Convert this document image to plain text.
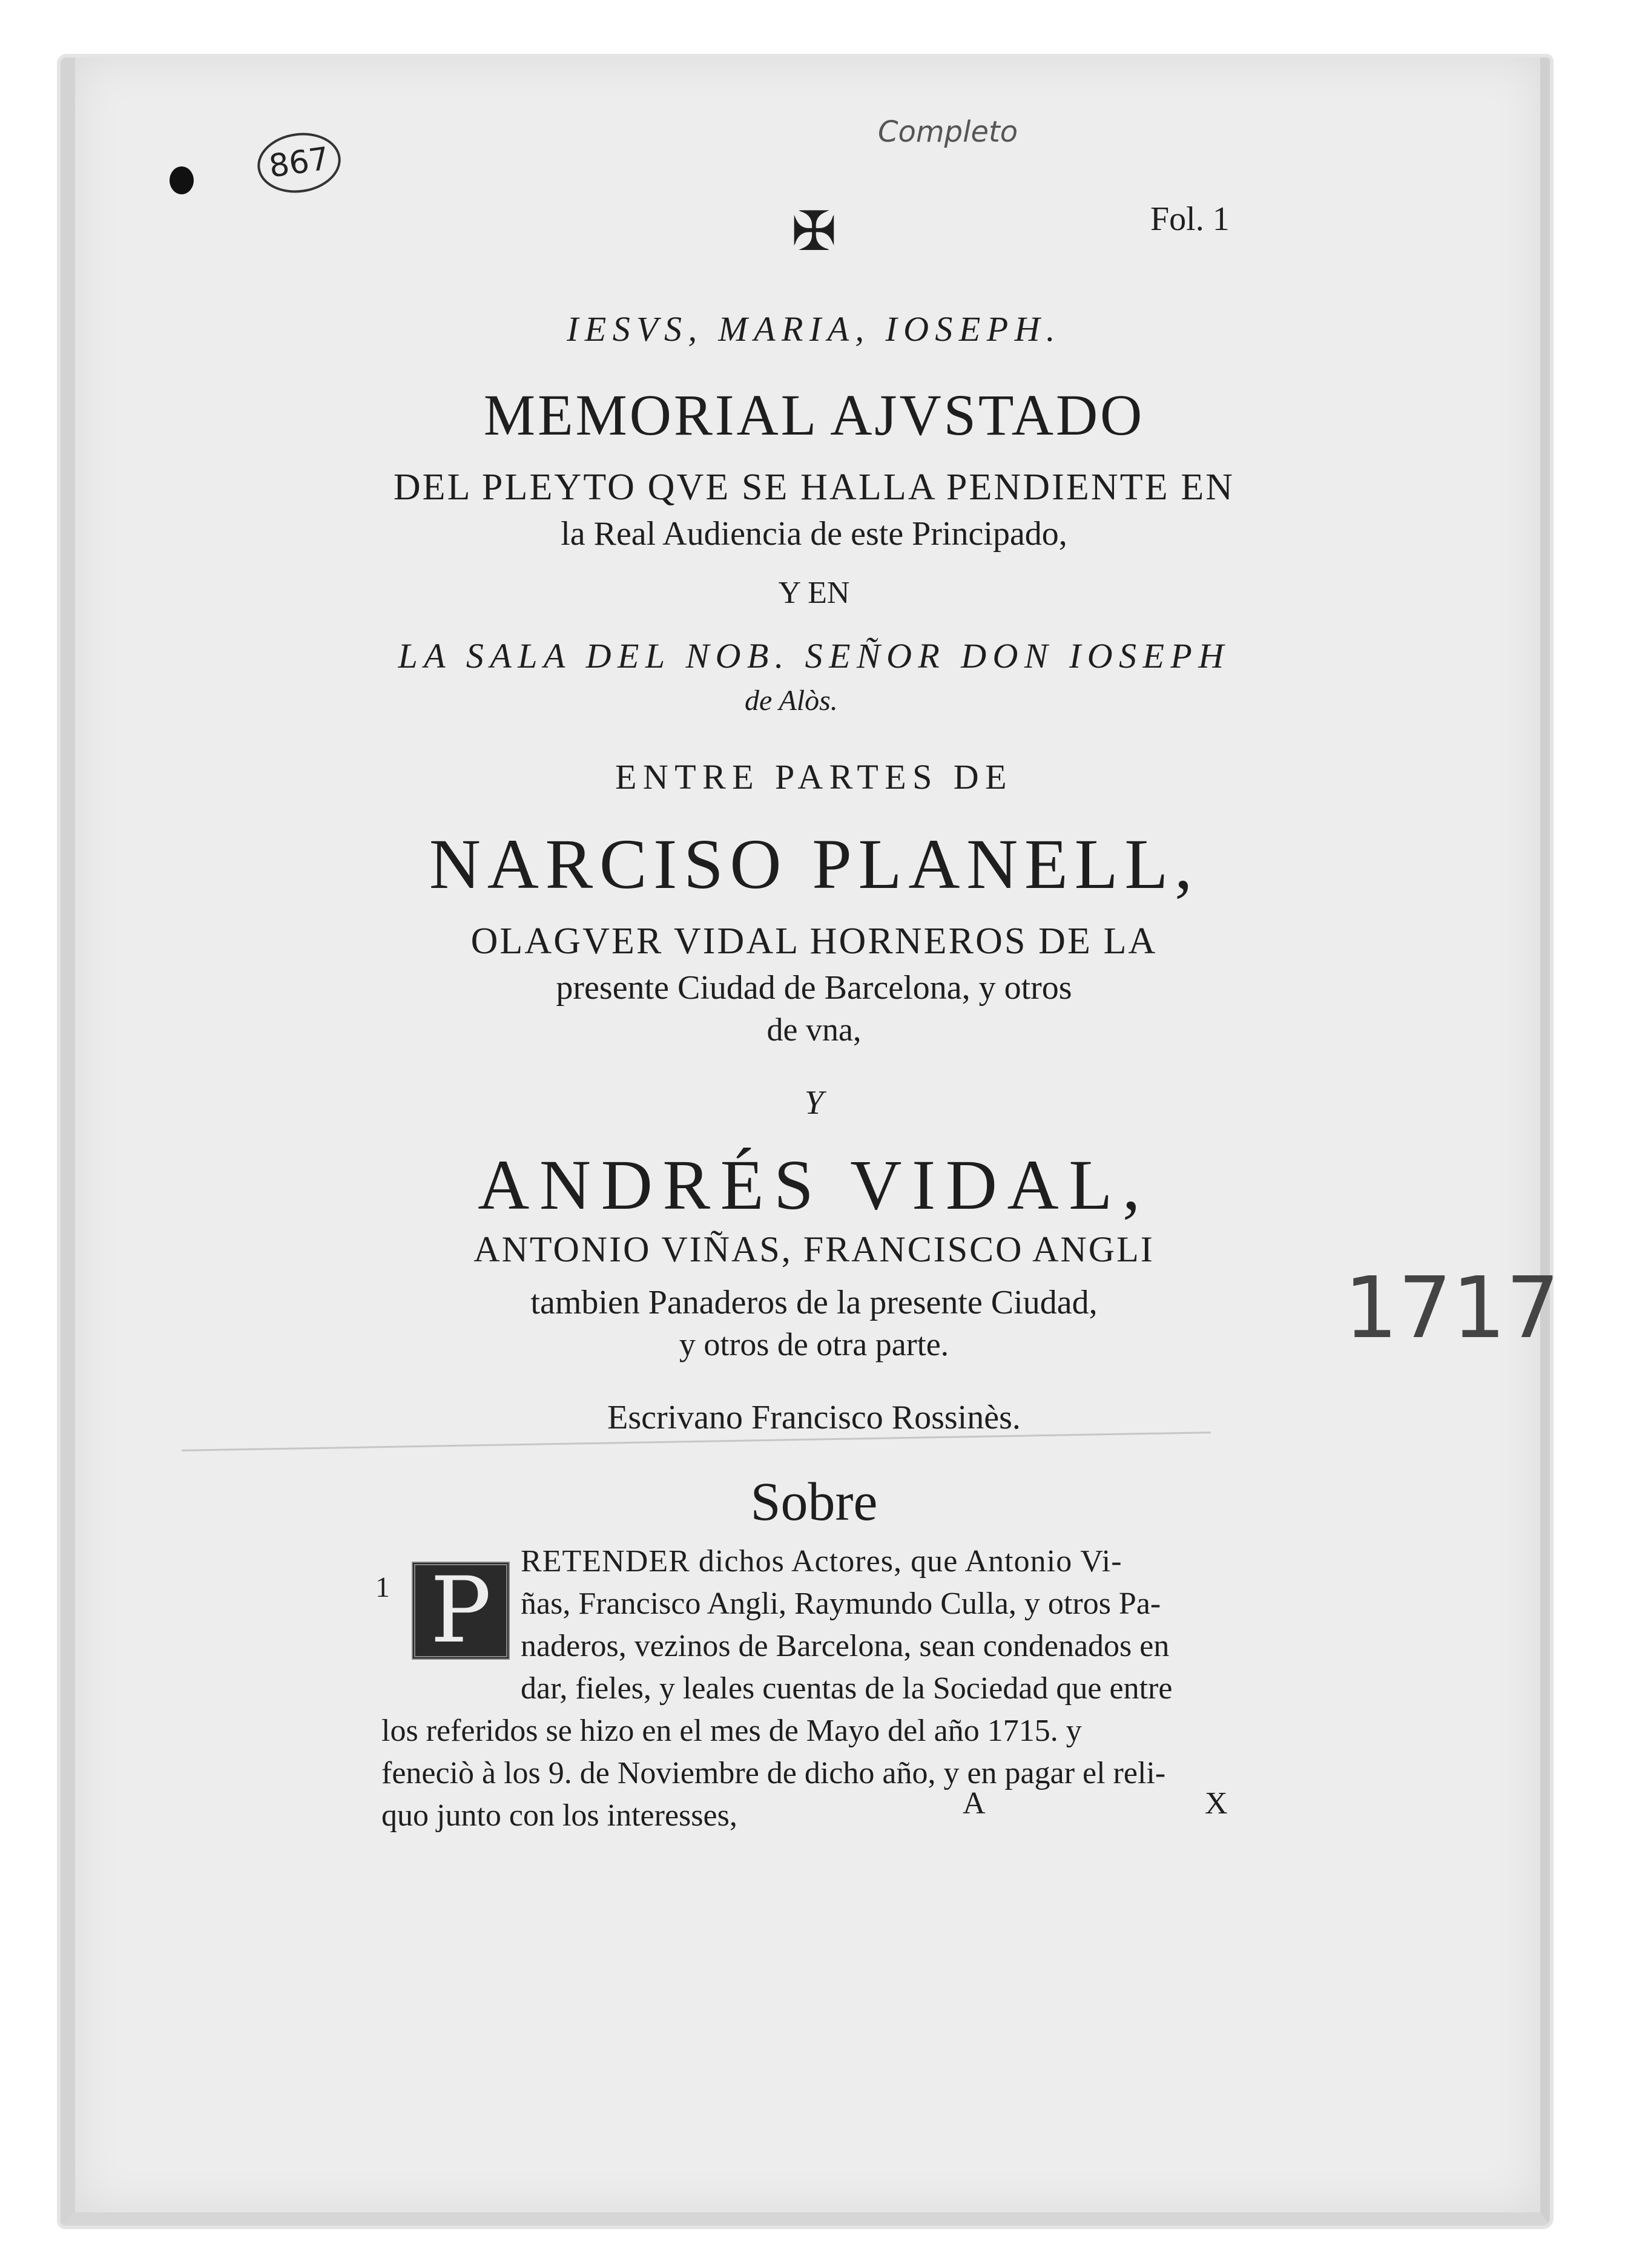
867
Completo
1717
✠	Fol. 1
IESVS, MARIA, IOSEPH.
MEMORIAL AJVSTADO
DEL PLEYTO QVE SE HALLA PENDIENTE EN
la Real Audiencia de este Principado,
Y EN
LA SALA DEL NOB. SEÑOR DON IOSEPH
de Alòs.
ENTRE PARTES DE
NARCISO PLANELL,
OLAGVER VIDAL HORNEROS DE LA
presente Ciudad de Barcelona, y otros
de vna,
Y
ANDRÉS VIDAL,
ANTONIO VIÑAS, FRANCISCO ANGLI
tambien Panaderos de la presente Ciudad,
y otros de otra parte.
Escrivano Francisco Rossinès.
Sobre
1 P RETENDER dichos Actores, que Antonio Vi-
ñas, Francisco Angli, Raymundo Culla, y otros Pa-
naderos, vezinos de Barcelona, sean condenados en
dar, fieles, y leales cuentas de la Sociedad que entre
los referidos se hizo en el mes de Mayo del año 1715. y
feneciò à los 9. de Noviembre de dicho año, y en pagar el reli-
quo junto con los interesses,	A	X
